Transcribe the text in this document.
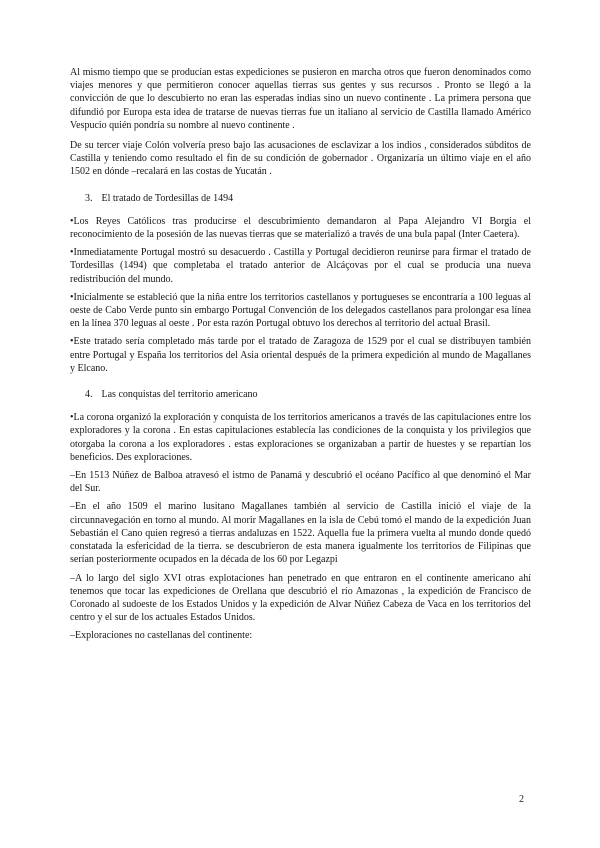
Al mismo tiempo que se producían estas expediciones se pusieron en marcha otros que fueron denominados como viajes menores y que permitieron conocer aquellas tierras sus gentes y sus recursos . Pronto se llegó a la convicción de que lo descubierto no eran las esperadas indias sino un nuevo continente . La primera persona que difundió por Europa esta idea de tratarse de nuevas tierras fue un italiano al servicio de Castilla llamado Américo Vespucio quién pondría su nombre al nuevo continente .

De su tercer viaje Colón volvería preso bajo las acusaciones de esclavizar a los indios , considerados súbditos de Castilla y teniendo como resultado el fin de su condición de gobernador . Organizaría un último viaje en el año 1502 en dónde –recalará en las costas de Yucatán .

3. El tratado de Tordesillas de 1494

•Los Reyes Católicos tras producirse el descubrimiento demandaron al Papa Alejandro VI Borgia el reconocimiento de la posesión de las nuevas tierras que se materializó a través de una bula papal (Inter Caetera).

•Inmediatamente Portugal mostró su desacuerdo . Castilla y Portugal decidieron reunirse para firmar el tratado de Tordesillas (1494) que completaba el tratado anterior de Alcáçovas por el cual se producía una nueva redistribución del mundo.

•Inicialmente se estableció que la niña entre los territorios castellanos y portugueses se encontraría a 100 leguas al oeste de Cabo Verde punto sin embargo Portugal Convención de los delegados castellanos para prolongar esa línea en la línea 370 leguas al oeste . Por esta razón Portugal obtuvo los derechos al territorio del actual Brasil.

•Este tratado sería completado más tarde por el tratado de Zaragoza de 1529 por el cual se distribuyen también entre Portugal y España los territorios del Asia oriental después de la primera expedición al mundo de Magallanes y Elcano.

4. Las conquistas del territorio americano

•La corona organizó la exploración y conquista de los territorios americanos a través de las capitulaciones entre los exploradores y la corona . En estas capitulaciones establecía las condiciones de la conquista y los privilegios que otorgaba la corona a los exploradores . estas exploraciones se organizaban a partir de huestes y se repartían los beneficios. Des exploraciones.

–En 1513 Núñez de Balboa atravesó el istmo de Panamá y descubrió el océano Pacífico al que denominó el Mar del Sur.

–En el año 1509 el marino lusitano Magallanes también al servicio de Castilla inició el viaje de la circunnavegación en torno al mundo. Al morir Magallanes en la isla de Cebú tomó el mando de la expedición Juan Sebastián el Cano quien regresó a tierras andaluzas en 1522. Aquella fue la primera vuelta al mundo donde quedó constatada la esfericidad de la tierra. se descubrieron de esta manera igualmente los territorios de Filipinas que serían posteriormente ocupados en la década de los 60 por Legazpi

–A lo largo del siglo XVI otras explotaciones han penetrado en que entraron en el continente americano ahí tenemos que tocar las expediciones de Orellana que descubrió el río Amazonas , la expedición de Francisco de Coronado al sudoeste de los Estados Unidos y la expedición de Alvar Núñez Cabeza de Vaca en los territorios del centro y el sur de los actuales Estados Unidos.

–Exploraciones no castellanas del continente:

2
